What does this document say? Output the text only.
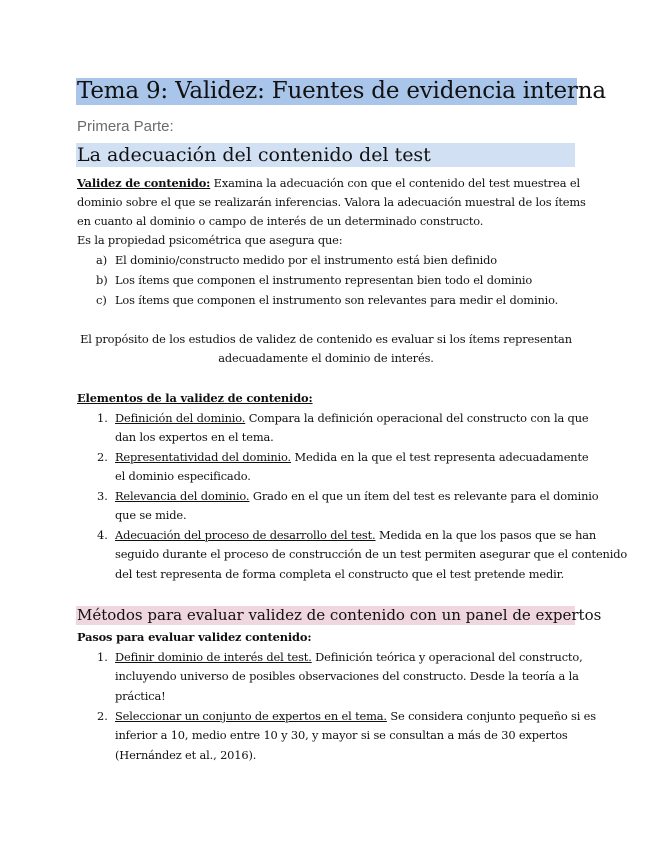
Tema 9: Validez: Fuentes de evidencia interna
Primera Parte:
La adecuación del contenido del test
Validez de contenido: Examina la adecuación con que el contenido del test muestrea el
dominio sobre el que se realizarán inferencias. Valora la adecuación muestral de los ítems
en cuanto al dominio o campo de interés de un determinado constructo.
Es la propiedad psicométrica que asegura que:
a) El dominio/constructo medido por el instrumento está bien definido
b) Los ítems que componen el instrumento representan bien todo el dominio
c) Los ítems que componen el instrumento son relevantes para medir el dominio.
El propósito de los estudios de validez de contenido es evaluar si los ítems representan
adecuadamente el dominio de interés.
Elementos de la validez de contenido:
1. Definición del dominio. Compara la definición operacional del constructo con la que
dan los expertos en el tema.
2. Representatividad del dominio. Medida en la que el test representa adecuadamente
el dominio especificado.
3. Relevancia del dominio. Grado en el que un ítem del test es relevante para el dominio
que se mide.
4. Adecuación del proceso de desarrollo del test. Medida en la que los pasos que se han
seguido durante el proceso de construcción de un test permiten asegurar que el contenido
del test representa de forma completa el constructo que el test pretende medir.
Métodos para evaluar validez de contenido con un panel de expertos
Pasos para evaluar validez contenido:
1. Definir dominio de interés del test. Definición teórica y operacional del constructo,
incluyendo universo de posibles observaciones del constructo. Desde la teoría a la
práctica!
2. Seleccionar un conjunto de expertos en el tema. Se considera conjunto pequeño si es
inferior a 10, medio entre 10 y 30, y mayor si se consultan a más de 30 expertos
(Hernández et al., 2016).
